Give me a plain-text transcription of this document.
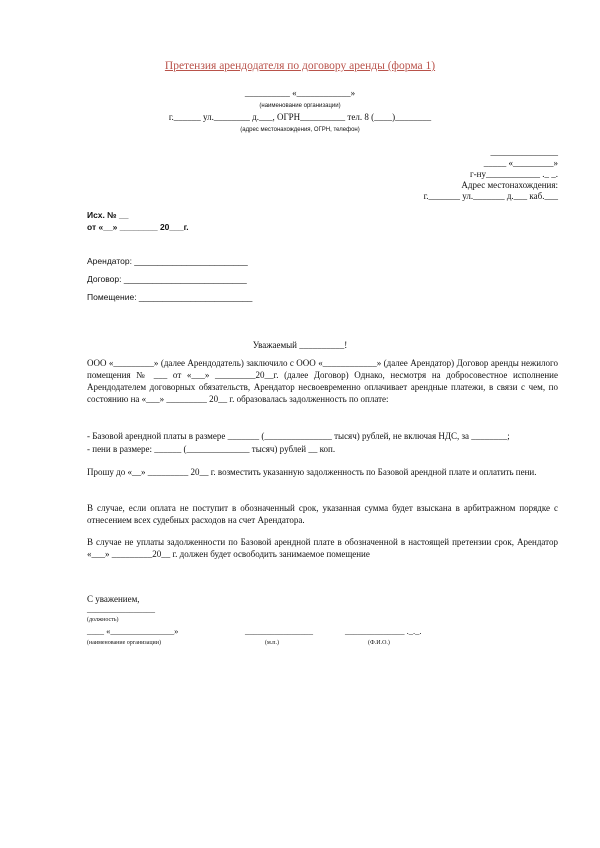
Претензия арендодателя по договору аренды (форма 1)
__________ «____________»
(наименование организации)
г.______ ул.________ д.___, ОГРН__________ тел. 8 (____)________
(адрес местонахождения, ОГРН, телефон)
_______________
_____ «_________»
г-ну____________ ._ _.
Адрес местонахождения:
г._______ ул._______ д.___ каб.___
Исх. № __
от «__» ________ 20___г.
Арендатор: ________________________
Договор: __________________________
Помещение: ________________________
Уважаемый __________!
ООО «_________» (далее Арендодатель) заключило с ООО «____________» (далее Арендатор) Договор аренды нежилого помещения № ___ от «___» _________20__г. (далее Договор) Однако, несмотря на добросовестное исполнение Арендодателем договорных обязательств, Арендатор несвоевременно оплачивает арендные платежи, в связи с чем, по состоянию на «___» _________ 20__ г. образовалась задолженность по оплате:
- Базовой арендной платы в размере _______ (_______________ тысяч) рублей, не включая НДС, за ________;
- пени в размере: ______ (______________ тысяч) рублей __ коп.
Прошу до «__» _________ 20__ г. возместить указанную задолженность по Базовой арендной плате и оплатить пени.
В случае, если оплата не поступит в обозначенный срок, указанная сумма будет взыскана в арбитражном порядке с отнесением всех судебных расходов на счет Арендатора.
В случае не уплаты задолженности по Базовой арендной плате в обозначенной в настоящей претензии срок, Арендатор «___» _________20__ г. должен будет освободить занимаемое помещение
С уважением,
________________
(должность)
____ «_______________»	________________	______________ ._._.
(наименование организации)	(м.п.)	(Ф.И.О.)
